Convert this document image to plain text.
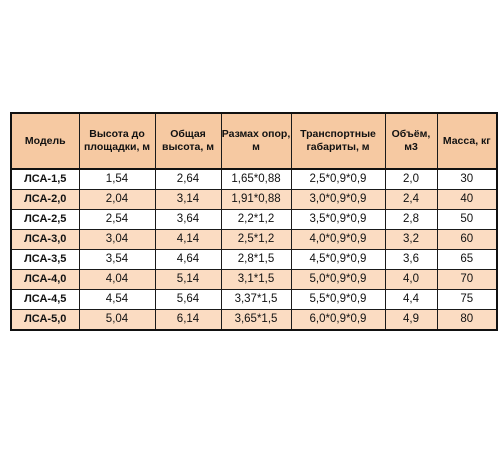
Модель	Высота до площадки, м	Общая высота, м	Размах опор, м	Транспортные габариты, м	Объём, м3	Масса, кг
ЛСА-1,5	1,54	2,64	1,65*0,88	2,5*0,9*0,9	2,0	30
ЛСА-2,0	2,04	3,14	1,91*0,88	3,0*0,9*0,9	2,4	40
ЛСА-2,5	2,54	3,64	2,2*1,2	3,5*0,9*0,9	2,8	50
ЛСА-3,0	3,04	4,14	2,5*1,2	4,0*0,9*0,9	3,2	60
ЛСА-3,5	3,54	4,64	2,8*1,5	4,5*0,9*0,9	3,6	65
ЛСА-4,0	4,04	5,14	3,1*1,5	5,0*0,9*0,9	4,0	70
ЛСА-4,5	4,54	5,64	3,37*1,5	5,5*0,9*0,9	4,4	75
ЛСА-5,0	5,04	6,14	3,65*1,5	6,0*0,9*0,9	4,9	80
